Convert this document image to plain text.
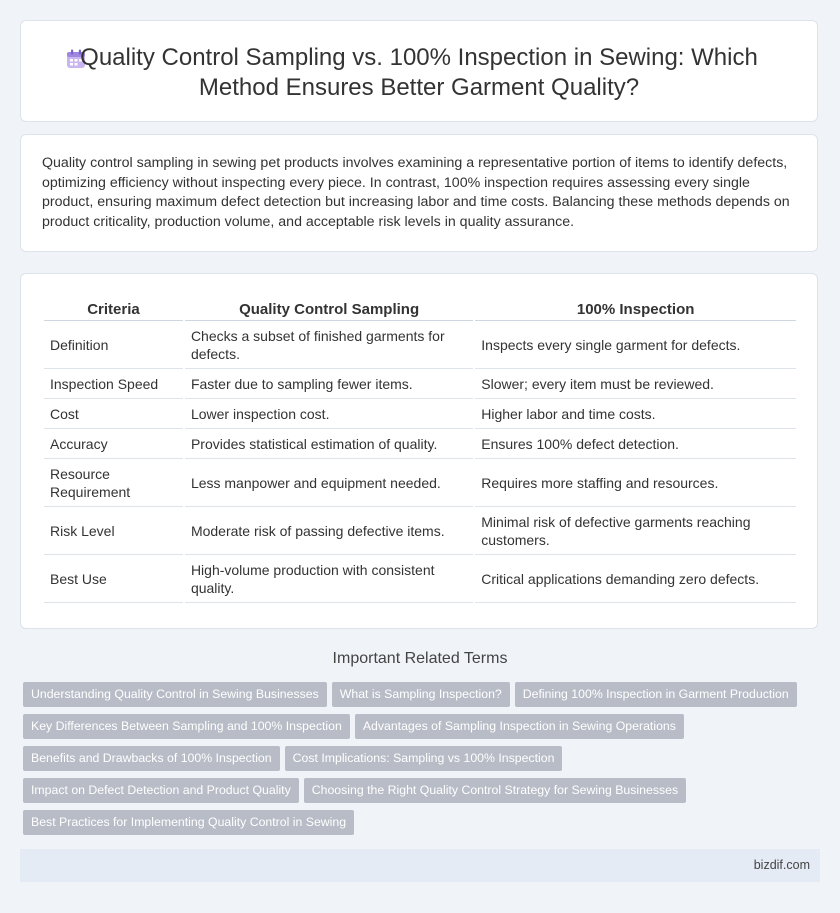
Quality Control Sampling vs. 100% Inspection in Sewing: Which
Method Ensures Better Garment Quality?
Quality control sampling in sewing pet products involves examining a representative portion of items to identify defects, optimizing efficiency without inspecting every piece. In contrast, 100% inspection requires assessing every single product, ensuring maximum defect detection but increasing labor and time costs. Balancing these methods depends on product criticality, production volume, and acceptable risk levels in quality assurance.
Criteria	Quality Control Sampling	100% Inspection
Definition	Checks a subset of finished garments for defects.	Inspects every single garment for defects.
Inspection Speed	Faster due to sampling fewer items.	Slower; every item must be reviewed.
Cost	Lower inspection cost.	Higher labor and time costs.
Accuracy	Provides statistical estimation of quality.	Ensures 100% defect detection.
Resource Requirement	Less manpower and equipment needed.	Requires more staffing and resources.
Risk Level	Moderate risk of passing defective items.	Minimal risk of defective garments reaching customers.
Best Use	High-volume production with consistent quality.	Critical applications demanding zero defects.
Important Related Terms
Understanding Quality Control in Sewing Businesses What is Sampling Inspection? Defining 100% Inspection in Garment Production
Key Differences Between Sampling and 100% Inspection Advantages of Sampling Inspection in Sewing Operations
Benefits and Drawbacks of 100% Inspection Cost Implications: Sampling vs 100% Inspection
Impact on Defect Detection and Product Quality Choosing the Right Quality Control Strategy for Sewing Businesses
Best Practices for Implementing Quality Control in Sewing
bizdif.com
